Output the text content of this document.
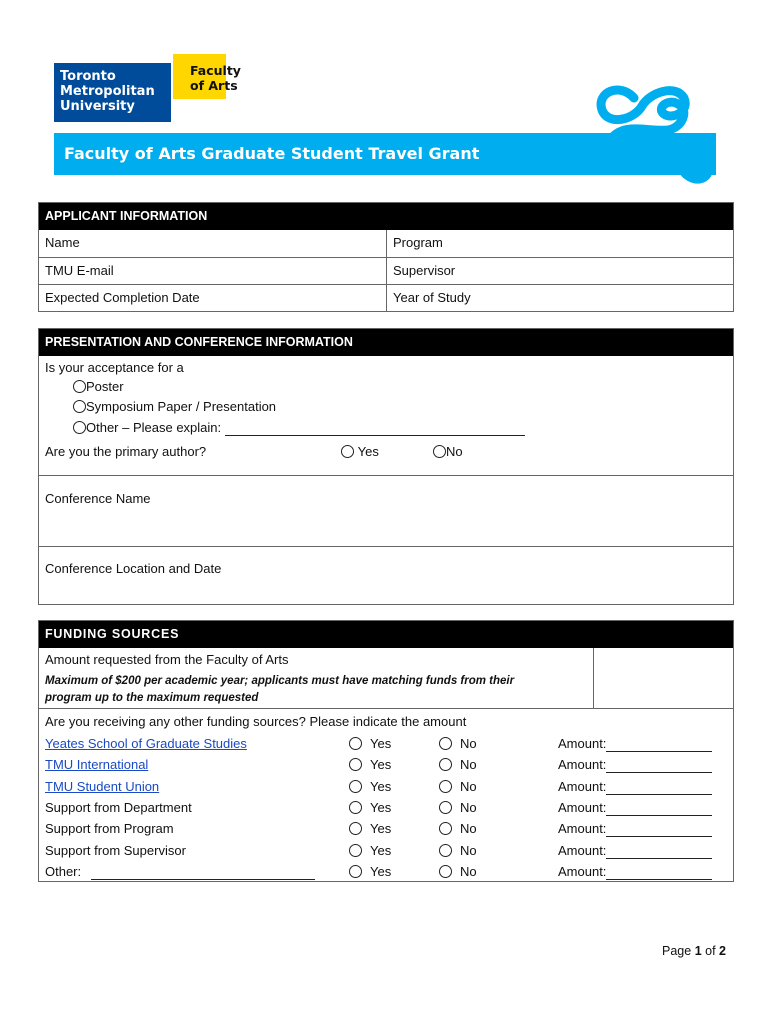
Toronto
Metropolitan
University
Faculty
of Arts
Faculty of Arts Graduate Student Travel Grant
APPLICANT INFORMATION
Name	Program
TMU E-mail	Supervisor
Expected Completion Date	Year of Study
PRESENTATION AND CONFERENCE INFORMATION
Is your acceptance for a
Poster
Symposium Paper / Presentation
Other – Please explain:
Are you the primary author?	Yes	No
Conference Name
Conference Location and Date
FUNDING SOURCES
Amount requested from the Faculty of Arts
Maximum of $200 per academic year; applicants must have matching funds from their
program up to the maximum requested
Are you receiving any other funding sources? Please indicate the amount
Yeates School of Graduate Studies	Yes	No	Amount:
TMU International	Yes	No	Amount:
TMU Student Union	Yes	No	Amount:
Support from Department	Yes	No	Amount:
Support from Program	Yes	No	Amount:
Support from Supervisor	Yes	No	Amount:
Other:	Yes	No	Amount:
Page 1 of 2
